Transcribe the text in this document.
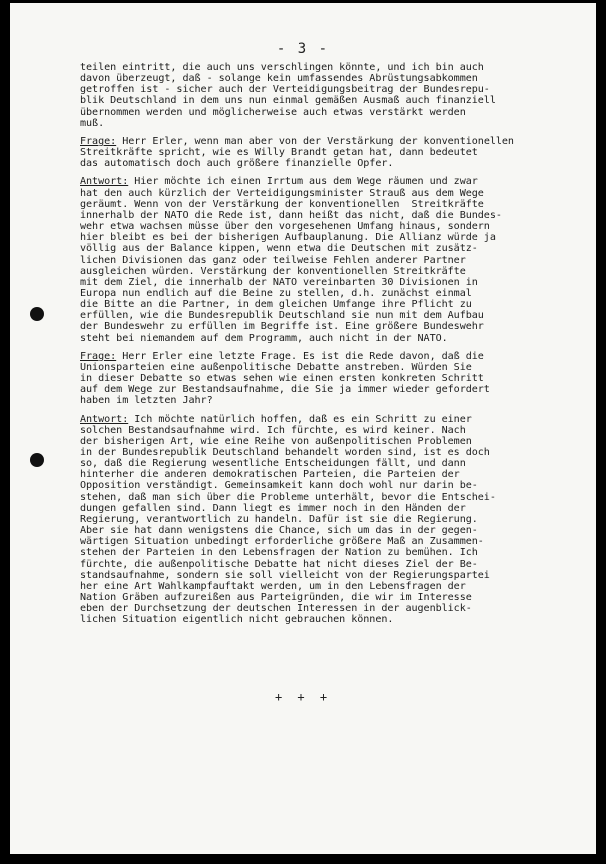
- 3 -
teilen eintritt, die auch uns verschlingen könnte, und ich bin auch
davon überzeugt, daß - solange kein umfassendes Abrüstungsabkommen
getroffen ist - sicher auch der Verteidigungsbeitrag der Bundesrepu-
blik Deutschland in dem uns nun einmal gemäßen Ausmaß auch finanziell
übernommen werden und möglicherweise auch etwas verstärkt werden
muß.
Frage: Herr Erler, wenn man aber von der Verstärkung der konventionellen
Streitkräfte spricht, wie es Willy Brandt getan hat, dann bedeutet
das automatisch doch auch größere finanzielle Opfer.
Antwort: Hier möchte ich einen Irrtum aus dem Wege räumen und zwar
hat den auch kürzlich der Verteidigungsminister Strauß aus dem Wege
geräumt. Wenn von der Verstärkung der konventionellen  Streitkräfte
innerhalb der NATO die Rede ist, dann heißt das nicht, daß die Bundes-
wehr etwa wachsen müsse über den vorgesehenen Umfang hinaus, sondern
hier bleibt es bei der bisherigen Aufbauplanung. Die Allianz würde ja
völlig aus der Balance kippen, wenn etwa die Deutschen mit zusätz-
lichen Divisionen das ganz oder teilweise Fehlen anderer Partner
ausgleichen würden. Verstärkung der konventionellen Streitkräfte
mit dem Ziel, die innerhalb der NATO vereinbarten 30 Divisionen in
Europa nun endlich auf die Beine zu stellen, d.h. zunächst einmal
die Bitte an die Partner, in dem gleichen Umfange ihre Pflicht zu
erfüllen, wie die Bundesrepublik Deutschland sie nun mit dem Aufbau
der Bundeswehr zu erfüllen im Begriffe ist. Eine größere Bundeswehr
steht bei niemandem auf dem Programm, auch nicht in der NATO.
Frage: Herr Erler eine letzte Frage. Es ist die Rede davon, daß die
Unionsparteien eine außenpolitische Debatte anstreben. Würden Sie
in dieser Debatte so etwas sehen wie einen ersten konkreten Schritt
auf dem Wege zur Bestandsaufnahme, die Sie ja immer wieder gefordert
haben im letzten Jahr?
Antwort: Ich möchte natürlich hoffen, daß es ein Schritt zu einer
solchen Bestandsaufnahme wird. Ich fürchte, es wird keiner. Nach
der bisherigen Art, wie eine Reihe von außenpolitischen Problemen
in der Bundesrepublik Deutschland behandelt worden sind, ist es doch
so, daß die Regierung wesentliche Entscheidungen fällt, und dann
hinterher die anderen demokratischen Parteien, die Parteien der
Opposition verständigt. Gemeinsamkeit kann doch wohl nur darin be-
stehen, daß man sich über die Probleme unterhält, bevor die Entschei-
dungen gefallen sind. Dann liegt es immer noch in den Händen der
Regierung, verantwortlich zu handeln. Dafür ist sie die Regierung.
Aber sie hat dann wenigstens die Chance, sich um das in der gegen-
wärtigen Situation unbedingt erforderliche größere Maß an Zusammen-
stehen der Parteien in den Lebensfragen der Nation zu bemühen. Ich
fürchte, die außenpolitische Debatte hat nicht dieses Ziel der Be-
standsaufnahme, sondern sie soll vielleicht von der Regierungspartei
her eine Art Wahlkampfauftakt werden, um in den Lebensfragen der
Nation Gräben aufzureißen aus Parteigründen, die wir im Interesse
eben der Durchsetzung der deutschen Interessen in der augenblick-
lichen Situation eigentlich nicht gebrauchen können.
+ + +
